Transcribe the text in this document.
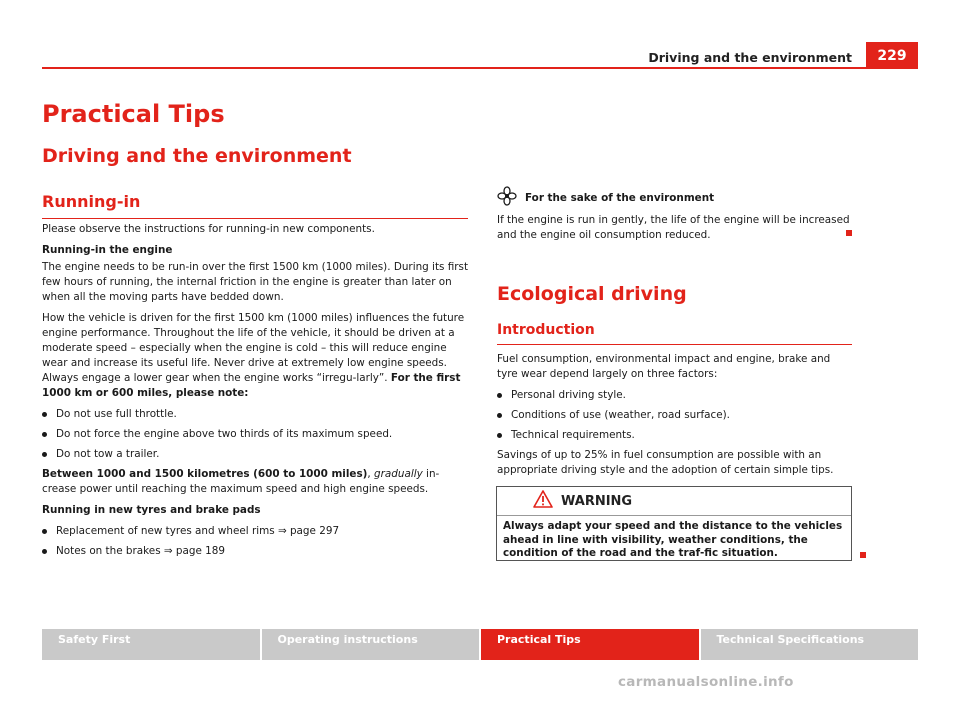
Driving and the environment	229
Practical Tips
Driving and the environment
Running-in

Please observe the instructions for running-in new components.

Running-in the engine

The engine needs to be run-in over the first 1500 km (1000 miles). During its first few hours of running, the internal friction in the engine is greater than later on when all the moving parts have bedded down.

How the vehicle is driven for the first 1500 km (1000 miles) influences the future engine performance. Throughout the life of the vehicle, it should be driven at a moderate speed – especially when the engine is cold – this will reduce engine wear and increase its useful life. Never drive at extremely low engine speeds. Always engage a lower gear when the engine works “irregu-larly”. For the first 1000 km or 600 miles, please note:

Do not use full throttle.
Do not force the engine above two thirds of its maximum speed.
Do not tow a trailer.

Between 1000 and 1500 kilometres (600 to 1000 miles), gradually in-crease power until reaching the maximum speed and high engine speeds.

Running in new tyres and brake pads

Replacement of new tyres and wheel rims ⇒ page 297
Notes on the brakes ⇒ page 189
For the sake of the environment

If the engine is run in gently, the life of the engine will be increased and the engine oil consumption reduced.

Ecological driving
Introduction

Fuel consumption, environmental impact and engine, brake and tyre wear depend largely on three factors:

Personal driving style.
Conditions of use (weather, road surface).
Technical requirements.

Savings of up to 25% in fuel consumption are possible with an appropriate driving style and the adoption of certain simple tips.

WARNING
Always adapt your speed and the distance to the vehicles ahead in line with visibility, weather conditions, the condition of the road and the traf-fic situation.
Safety First	Operating instructions	Practical Tips	Technical Specifications
carmanualsonline.info
